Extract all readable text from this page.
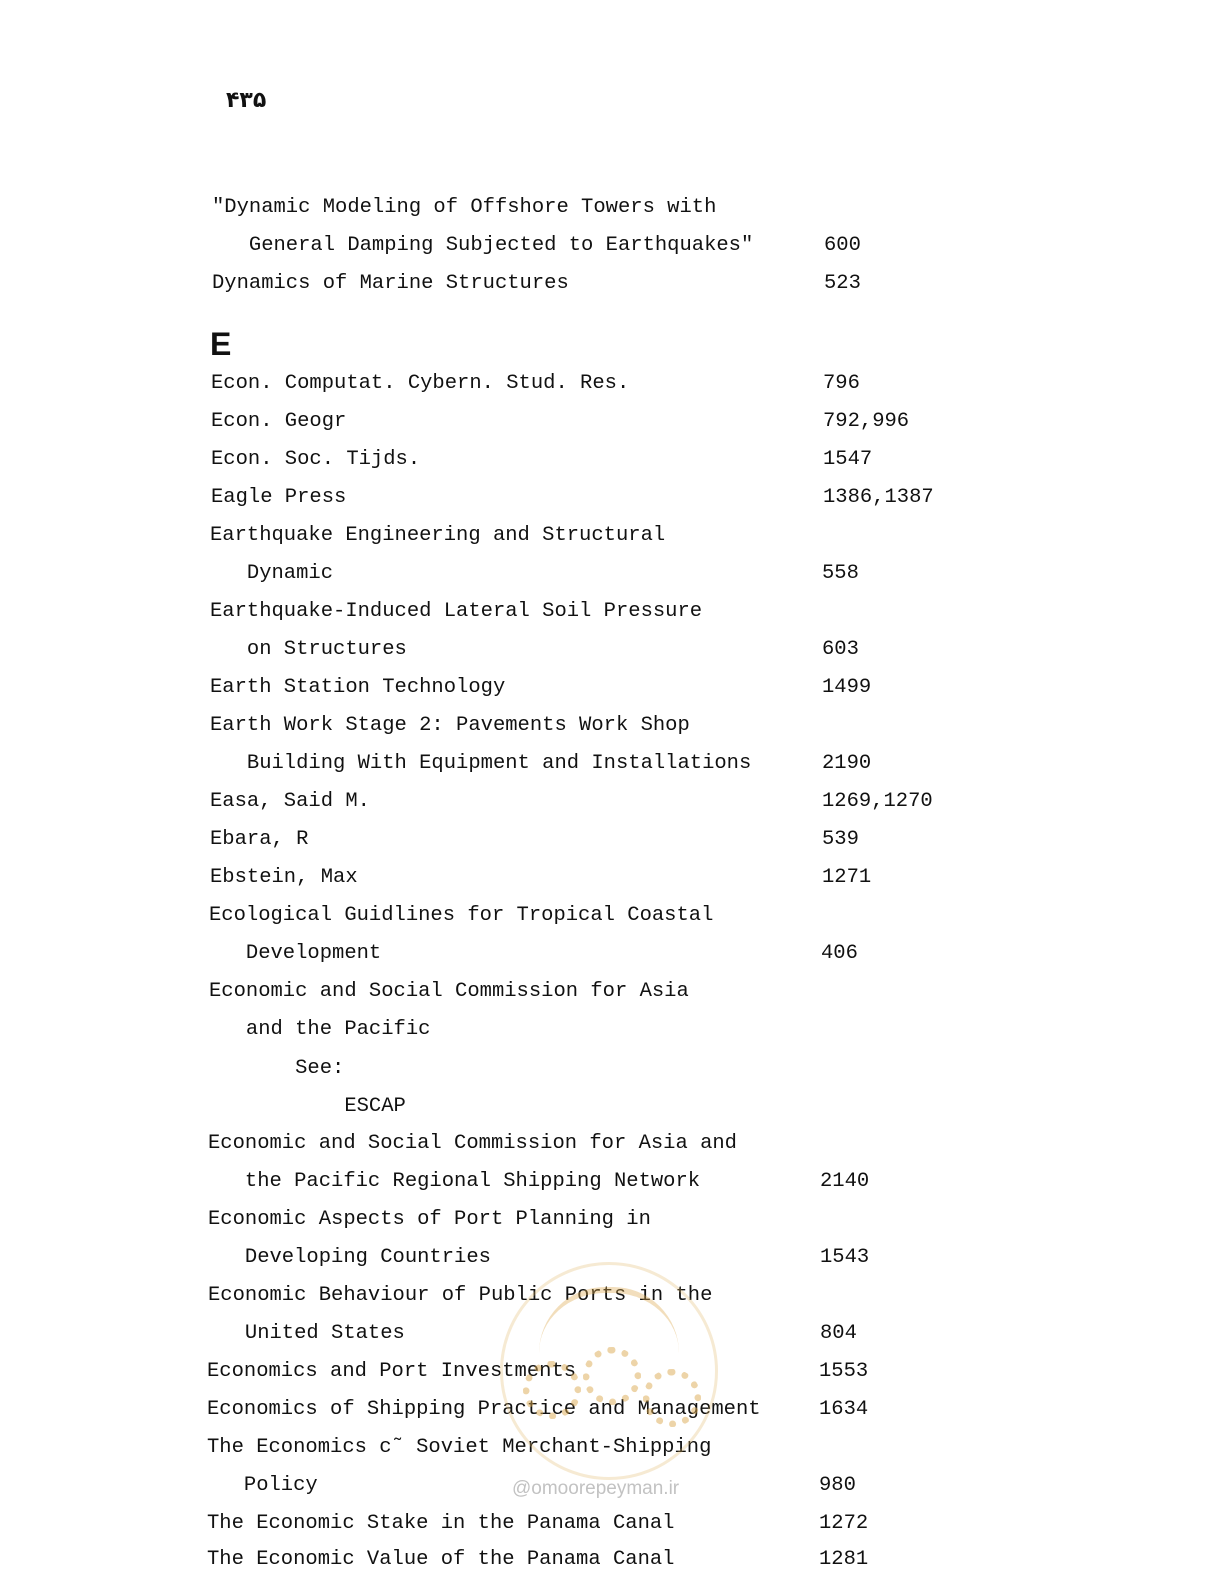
۴۳۵
"Dynamic Modeling of Offshore Towers with
General Damping Subjected to Earthquakes"	600
Dynamics of Marine Structures	523
Econ. Computat. Cybern. Stud. Res.	796
Econ. Geogr	792,996
Econ. Soc. Tijds.	1547
Eagle Press	1386,1387
Earthquake Engineering and Structural
Dynamic	558
Earthquake-Induced Lateral Soil Pressure
on Structures	603
Earth Station Technology	1499
Earth Work Stage 2: Pavements Work Shop
Building With Equipment and Installations	2190
Easa, Said M.	1269,1270
Ebara, R	539
Ebstein, Max	1271
Ecological Guidlines for Tropical Coastal
Development	406
Economic and Social Commission for Asia
and the Pacific
See:
ESCAP
Economic and Social Commission for Asia and
the Pacific Regional Shipping Network	2140
Economic Aspects of Port Planning in
Developing Countries	1543
Economic Behaviour of Public Ports in the
United States	804
Economics and Port Investments	1553
Economics of Shipping Practice and Management	1634
The Economics c˜ Soviet Merchant-Shipping
Policy	980
The Economic Stake in the Panama Canal	1272
The Economic Value of the Panama Canal	1281
E
@omoorepeyman.ir
